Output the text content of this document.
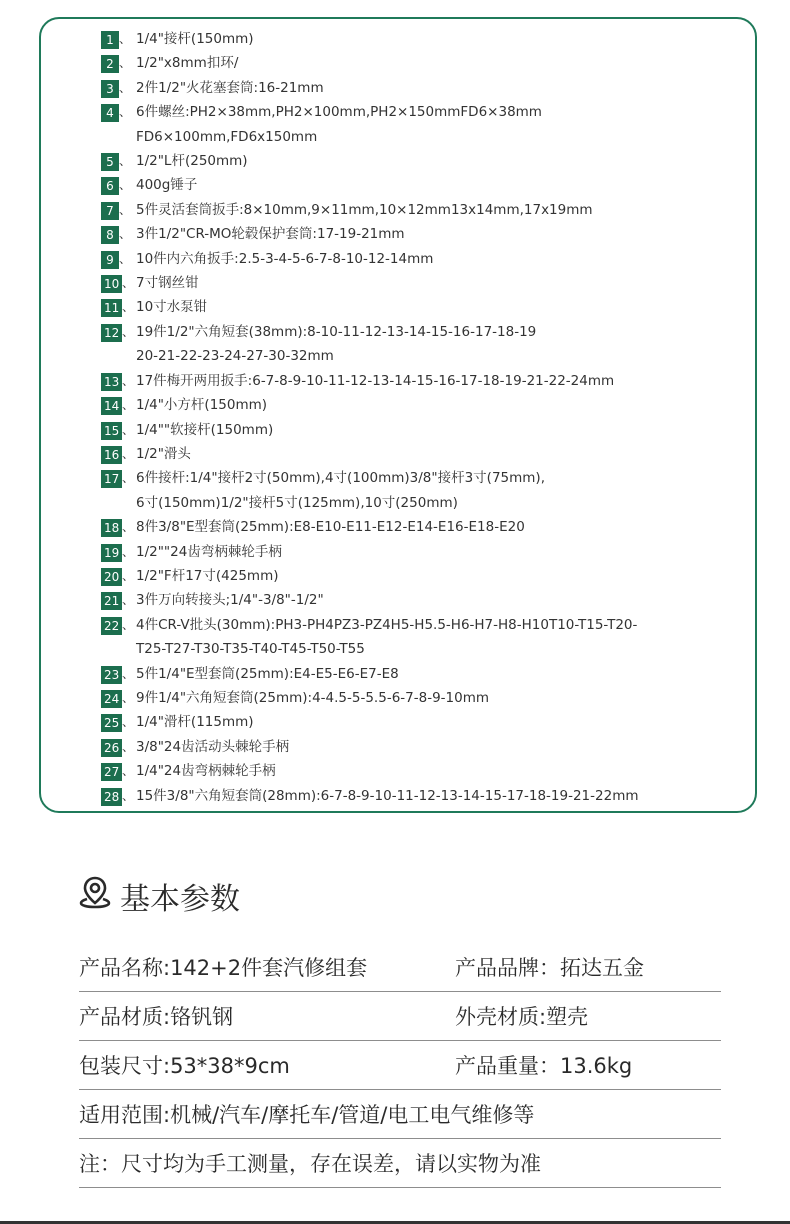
1 、 1/4"接杆(150mm)
2 、 1/2"x8mm扣环/
3 、 2件1/2"火花塞套筒:16-21mm
4 、 6件螺丝:PH2×38mm,PH2×100mm,PH2×150mmFD6×38mm
FD6×100mm,FD6x150mm
5 、 1/2"L杆(250mm)
6 、 400g锤子
7 、 5件灵活套筒扳手:8×10mm,9×11mm,10×12mm13x14mm,17x19mm
8 、 3件1/2"CR-MO轮毂保护套筒:17-19-21mm
9 、 10件内六角扳手:2.5-3-4-5-6-7-8-10-12-14mm
10 、 7寸钢丝钳
11 、 10寸水泵钳
12 、 19件1/2"六角短套(38mm):8-10-11-12-13-14-15-16-17-18-19
20-21-22-23-24-27-30-32mm
13 、 17件梅开两用扳手:6-7-8-9-10-11-12-13-14-15-16-17-18-19-21-22-24mm
14 、 1/4"小方杆(150mm)
15 、 1/4""软接杆(150mm)
16 、 1/2"滑头
17 、 6件接杆:1/4"接杆2寸(50mm),4寸(100mm)3/8"接杆3寸(75mm),
6寸(150mm)1/2"接杆5寸(125mm),10寸(250mm)
18 、 8件3/8"E型套筒(25mm):E8-E10-E11-E12-E14-E16-E18-E20
19 、 1/2""24齿弯柄棘轮手柄
20 、 1/2"F杆17寸(425mm)
21 、 3件万向转接头;1/4"-3/8"-1/2"
22 、 4件CR-V批头(30mm):PH3-PH4PZ3-PZ4H5-H5.5-H6-H7-H8-H10T10-T15-T20-
T25-T27-T30-T35-T40-T45-T50-T55
23 、 5件1/4"E型套筒(25mm):E4-E5-E6-E7-E8
24 、 9件1/4"六角短套筒(25mm):4-4.5-5-5.5-6-7-8-9-10mm
25 、 1/4"滑杆(115mm)
26 、 3/8"24齿活动头棘轮手柄
27 、 1/4"24齿弯柄棘轮手柄
28 、 15件3/8"六角短套筒(28mm):6-7-8-9-10-11-12-13-14-15-17-18-19-21-22mm
基本参数
产品名称:142+2件套汽修组套	产品品牌：拓达五金
产品材质:铬钒钢	外壳材质:塑壳
包装尺寸:53*38*9cm	产品重量：13.6kg
适用范围:机械/汽车/摩托车/管道/电工电气维修等
注：尺寸均为手工测量，存在误差，请以实物为准
